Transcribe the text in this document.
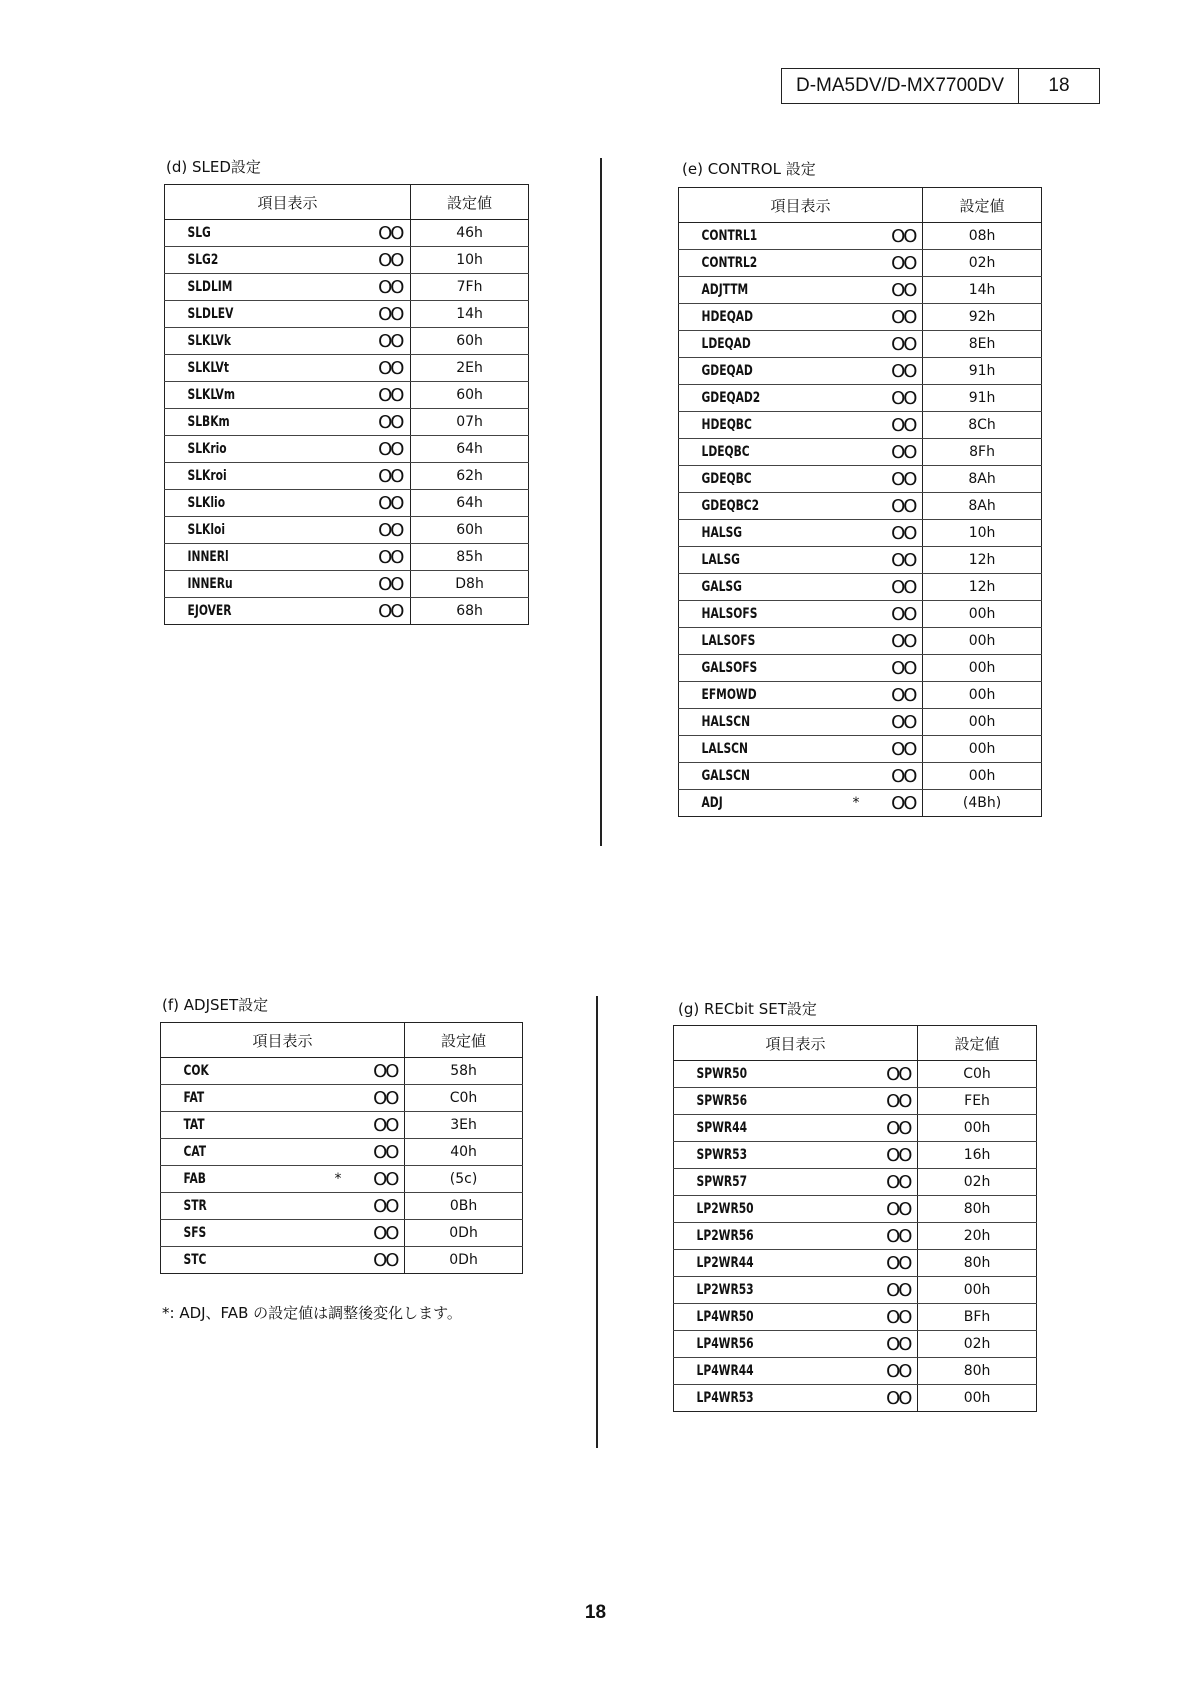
D-MA5DV/D-MX7700DV	18
(d) SLED設定
項目表示			設定値
SLG		OO	46h
SLG2		OO	10h
SLDLIM		OO	7Fh
SLDLEV		OO	14h
SLKLVk		OO	60h
SLKLVt		OO	2Eh
SLKLVm		OO	60h
SLBKm		OO	07h
SLKrio		OO	64h
SLKroi		OO	62h
SLKlio		OO	64h
SLKloi		OO	60h
INNERl		OO	85h
INNERu		OO	D8h
EJOVER		OO	68h
(e) CONTROL 設定
項目表示			設定値
CONTRL1		OO	08h
CONTRL2		OO	02h
ADJTTM		OO	14h
HDEQAD		OO	92h
LDEQAD		OO	8Eh
GDEQAD		OO	91h
GDEQAD2		OO	91h
HDEQBC		OO	8Ch
LDEQBC		OO	8Fh
GDEQBC		OO	8Ah
GDEQBC2		OO	8Ah
HALSG		OO	10h
LALSG		OO	12h
GALSG		OO	12h
HALSOFS		OO	00h
LALSOFS		OO	00h
GALSOFS		OO	00h
EFMOWD		OO	00h
HALSCN		OO	00h
LALSCN		OO	00h
GALSCN		OO	00h
ADJ	*	OO	(4Bh)
(f) ADJSET設定
項目表示			設定値
COK		OO	58h
FAT		OO	C0h
TAT		OO	3Eh
CAT		OO	40h
FAB	*	OO	(5c)
STR		OO	0Bh
SFS		OO	0Dh
STC		OO	0Dh
*: ADJ、FAB の設定値は調整後変化します。
(g) RECbit SET設定
項目表示			設定値
SPWR50		OO	C0h
SPWR56		OO	FEh
SPWR44		OO	00h
SPWR53		OO	16h
SPWR57		OO	02h
LP2WR50		OO	80h
LP2WR56		OO	20h
LP2WR44		OO	80h
LP2WR53		OO	00h
LP4WR50		OO	BFh
LP4WR56		OO	02h
LP4WR44		OO	80h
LP4WR53		OO	00h
18
